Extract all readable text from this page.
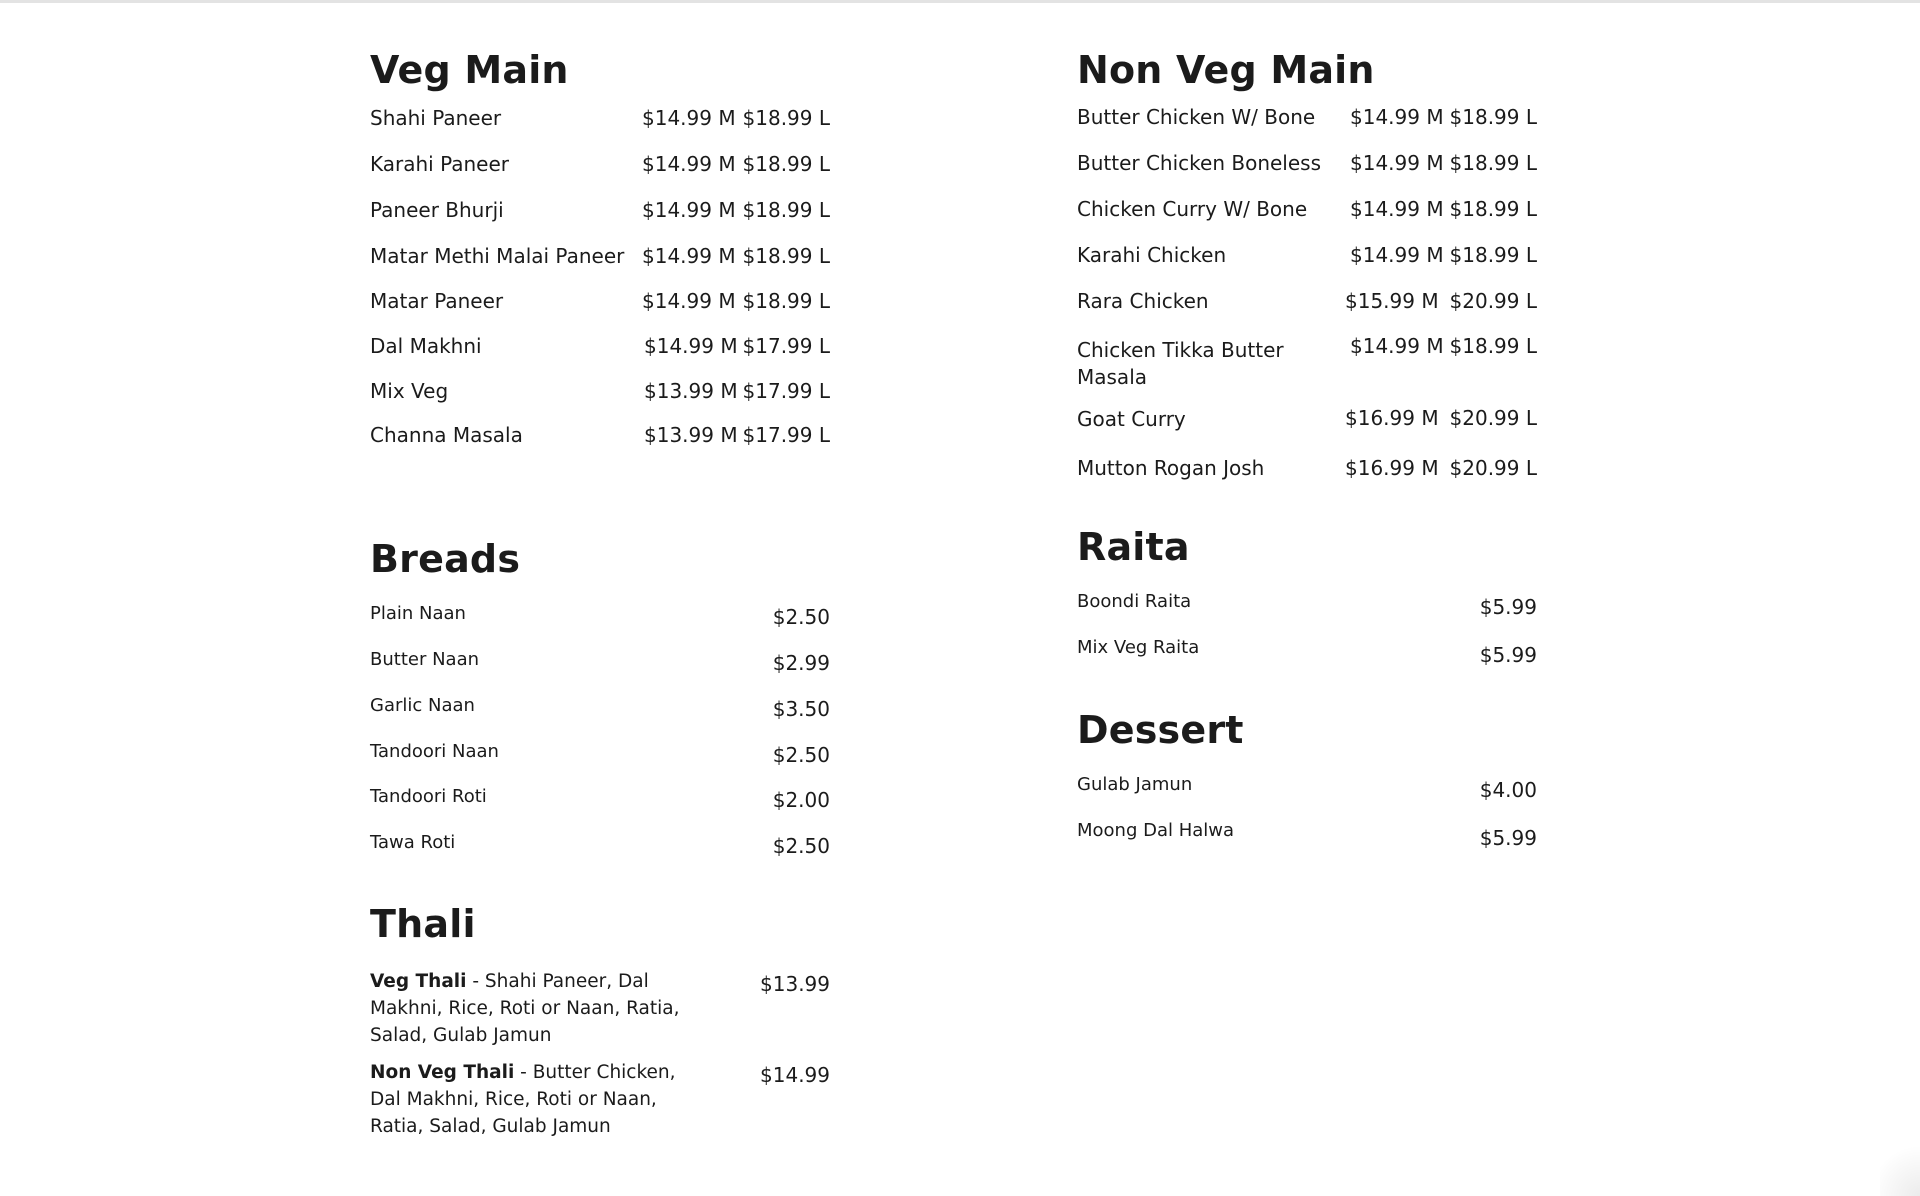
Veg Main
Shahi Paneer	$14.99 M $18.99 L
Karahi Paneer	$14.99 M $18.99 L
Paneer Bhurji	$14.99 M $18.99 L
Matar Methi Malai Paneer $14.99 M $18.99 L
Matar Paneer	$14.99 M $18.99 L
Dal Makhni	$14.99 M $17.99 L
Mix Veg	$13.99 M $17.99 L
Channa Masala	$13.99 M $17.99 L
Breads
Plain Naan	$2.50
Butter Naan	$2.99
Garlic Naan	$3.50
Tandoori Naan	$2.50
Tandoori Roti	$2.00
Tawa Roti	$2.50
Thali
Veg Thali - Shahi Paneer, Dal Makhni, Rice, Roti or Naan, Ratia, Salad, Gulab Jamun
$13.99
Non Veg Thali - Butter Chicken, Dal Makhni, Rice, Roti or Naan, Ratia, Salad, Gulab Jamun
$14.99
Non Veg Main
Butter Chicken W/ Bone $14.99 M $18.99 L
Butter Chicken Boneless $14.99 M $18.99 L
Chicken Curry W/ Bone $14.99 M $18.99 L
Karahi Chicken	$14.99 M $18.99 L
Rara Chicken	$15.99 M $20.99 L
Chicken Tikka Butter Masala
$14.99 M $18.99 L
Goat Curry	$16.99 M $20.99 L
Mutton Rogan Josh	$16.99 M $20.99 L
Raita
Boondi Raita	$5.99
Mix Veg Raita	$5.99
Dessert
Gulab Jamun	$4.00
Moong Dal Halwa	$5.99
